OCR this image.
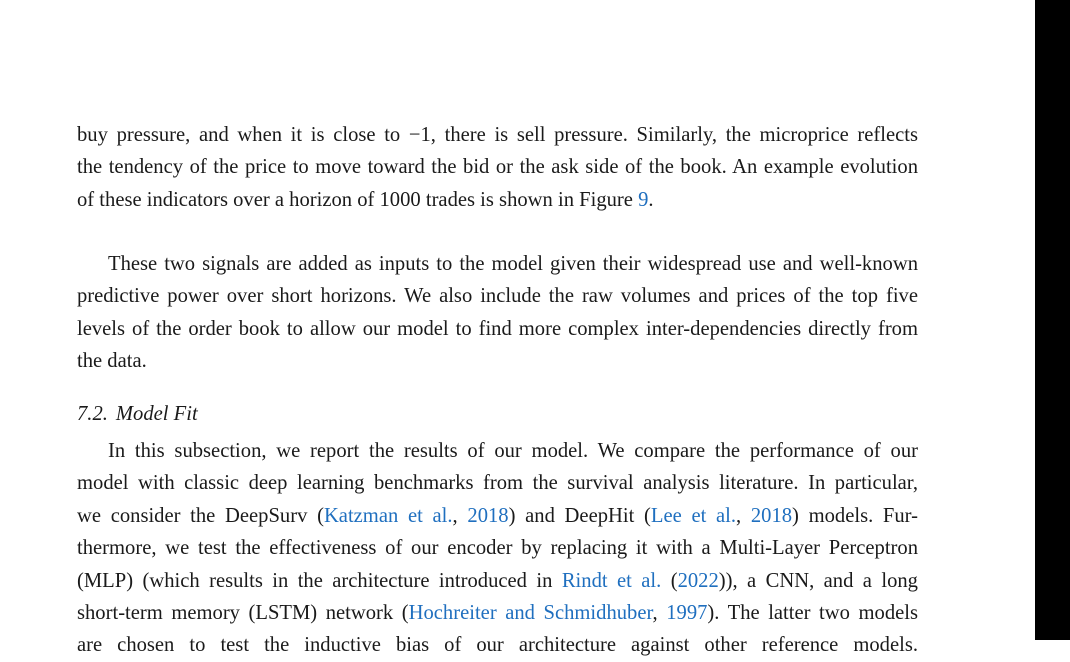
buy pressure, and when it is close to −1, there is sell pressure. Similarly, the microprice reflects
the tendency of the price to move toward the bid or the ask side of the book. An example evolution
of these indicators over a horizon of 1000 trades is shown in Figure 9.
These two signals are added as inputs to the model given their widespread use and well-known
predictive power over short horizons. We also include the raw volumes and prices of the top five
levels of the order book to allow our model to find more complex inter-dependencies directly from
the data.
7.2. Model Fit
In this subsection, we report the results of our model. We compare the performance of our
model with classic deep learning benchmarks from the survival analysis literature. In particular,
we consider the DeepSurv (Katzman et al., 2018) and DeepHit (Lee et al., 2018) models. Fur-
thermore, we test the effectiveness of our encoder by replacing it with a Multi-Layer Perceptron
(MLP) (which results in the architecture introduced in Rindt et al. (2022)), a CNN, and a long
short-term memory (LSTM) network (Hochreiter and Schmidhuber, 1997). The latter two models
are chosen to test the inductive bias of our architecture against other reference models.
